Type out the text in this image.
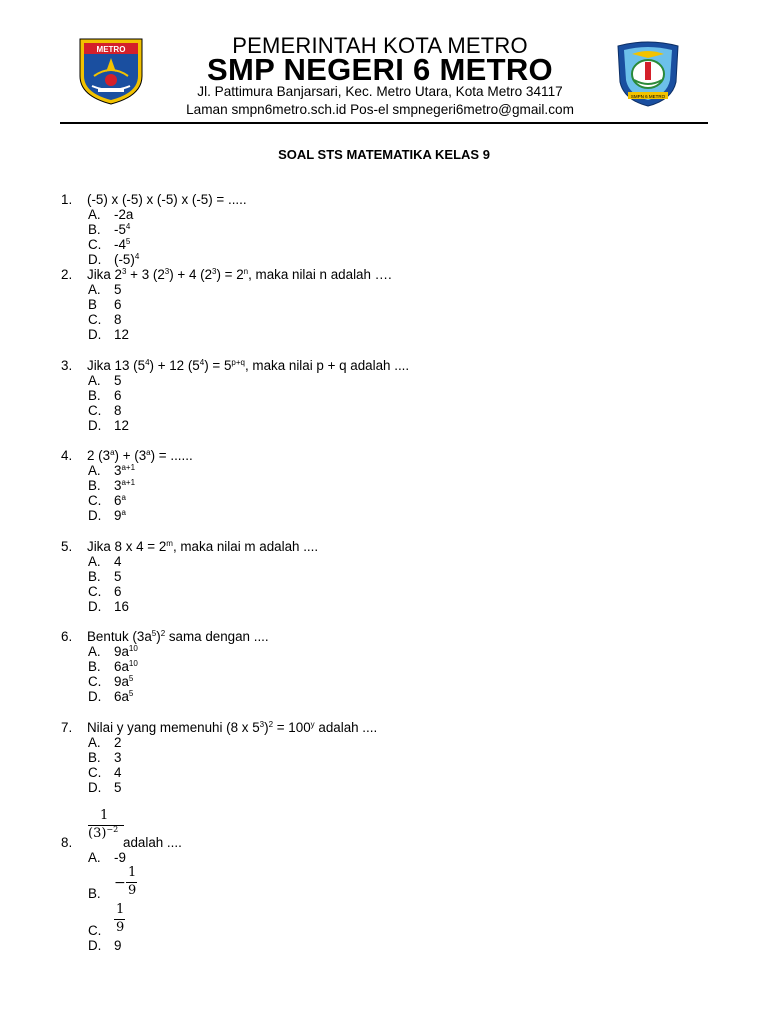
METRO	PEMERINTAH KOTA METRO
SMP NEGERI 6 METRO
Jl. Pattimura Banjarsari, Kec. Metro Utara, Kota Metro 34117
Laman smpn6metro.sch.id Pos-el smpnegeri6metro@gmail.com
SMPN 6 METRO
SOAL STS MATEMATIKA KELAS 9
1. (-5) x (-5) x (-5) x (-5) = .....
A. -2a
B. $-5^4$
C. $-4^5$
D. $(-5)^4$
2. Jika $2^3 + 3$ $(2^3) + 4$ $(2^3) = 2^n$, maka nilai n adalah ….
A. 5
B 6
C. 8
D. 12
3. Jika 13 $(5^4) + 12$ $(5^4) = 5^{p+q}$, maka nilai p + q adalah ....
A. 5
B. 6
C. 8
D. 12
4. 2 $(3^a) + (3^a)$ = ......
A. $3^{a+1}$
B. $3^{a+1}$
C. 6$^a$
D. 9$^a$
5. Jika 8 x $4 = 2^m$, maka nilai m adalah ....
A. 4
B. 5
C. 6
D. 16
6. Bentuk $(3a^5)^2$ sama dengan ....
A. $9a^{10}$
B. $6a^{10}$
C. $9a^5$
D. $6a^5$
7. Nilai y yang memenuhi (8 x $5^3)^2 = 100^y$ adalah ....
A. 2
B. 3
C. 4
D. 5
1
$(3)^{-2}$
8.	adalah ....
A. -9
B.
−
1
9
C.
1
9
D. 9
